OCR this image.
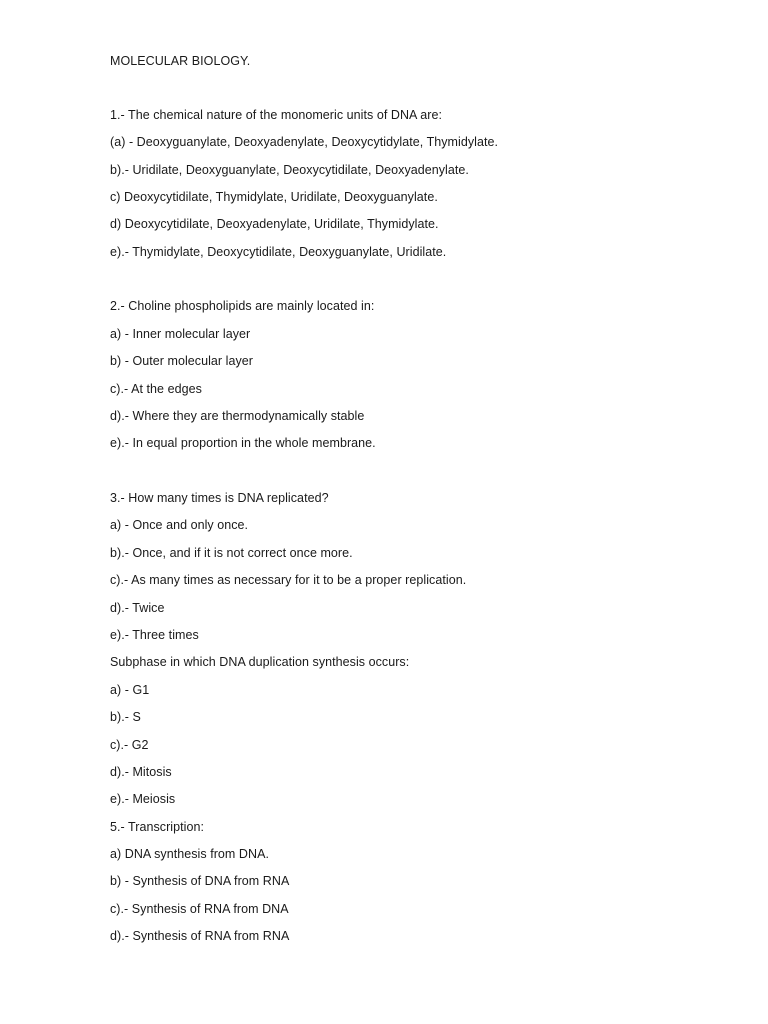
MOLECULAR BIOLOGY.
1.- The chemical nature of the monomeric units of DNA are:
(a) - Deoxyguanylate, Deoxyadenylate, Deoxycytidylate, Thymidylate.
b).- Uridilate, Deoxyguanylate, Deoxycytidilate, Deoxyadenylate.
c) Deoxycytidilate, Thymidylate, Uridilate, Deoxyguanylate.
d) Deoxycytidilate, Deoxyadenylate, Uridilate, Thymidylate.
e).- Thymidylate, Deoxycytidilate, Deoxyguanylate, Uridilate.
2.- Choline phospholipids are mainly located in:
a) - Inner molecular layer
b) - Outer molecular layer
c).- At the edges
d).- Where they are thermodynamically stable
e).- In equal proportion in the whole membrane.
3.- How many times is DNA replicated?
a) - Once and only once.
b).- Once, and if it is not correct once more.
c).- As many times as necessary for it to be a proper replication.
d).- Twice
e).- Three times
Subphase in which DNA duplication synthesis occurs:
a) - G1
b).- S
c).- G2
d).- Mitosis
e).- Meiosis
5.- Transcription:
a) DNA synthesis from DNA.
b) - Synthesis of DNA from RNA
c).- Synthesis of RNA from DNA
d).- Synthesis of RNA from RNA
